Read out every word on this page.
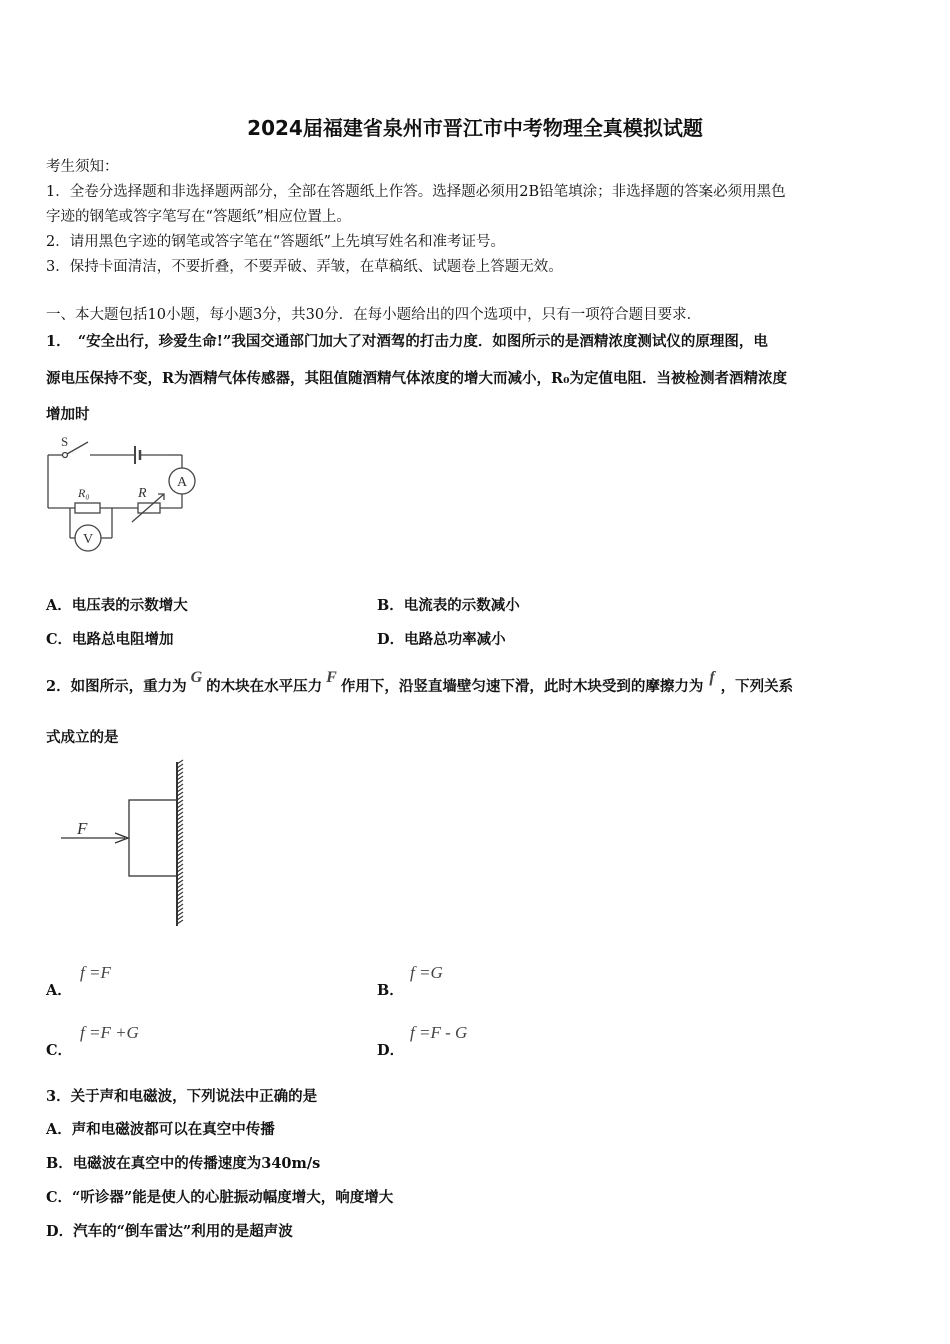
2024届福建省泉州市晋江市中考物理全真模拟试题
考生须知：
1．全卷分选择题和非选择题两部分，全部在答题纸上作答。选择题必须用2B铅笔填涂；非选择题的答案必须用黑色
字迹的钢笔或答字笔写在“答题纸”相应位置上。
2．请用黑色字迹的钢笔或答字笔在“答题纸”上先填写姓名和准考证号。
3．保持卡面清洁，不要折叠，不要弄破、弄皱，在草稿纸、试题卷上答题无效。
一、本大题包括10小题，每小题3分，共30分．在每小题给出的四个选项中，只有一项符合题目要求．
1．　“安全出行，珍爱生命!”我国交通部门加大了对酒驾的打击力度．如图所示的是酒精浓度测试仪的原理图，电
源电压保持不变，R为酒精气体传感器，其阻值随酒精气体浓度的增大而减小，R₀为定值电阻．当被检测者酒精浓度
增加时
S
A
V
R₀	R
A．电压表的示数增大	B．电流表的示数减小
C．电路总电阻增加	D．电路总功率减小
2．如图所示，重力为G的木块在水平压力F作用下，沿竖直墙壁匀速下滑，此时木块受到的摩擦力为f，下列关系
式成立的是
F
A．
f =F
B．
f =G
C．
f =F +G
D．
f =F - G
3．关于声和电磁波，下列说法中正确的是
A．声和电磁波都可以在真空中传播
B．电磁波在真空中的传播速度为340m/s
C．“听诊器”能是使人的心脏振动幅度增大，响度增大
D．汽车的“倒车雷达”利用的是超声波
